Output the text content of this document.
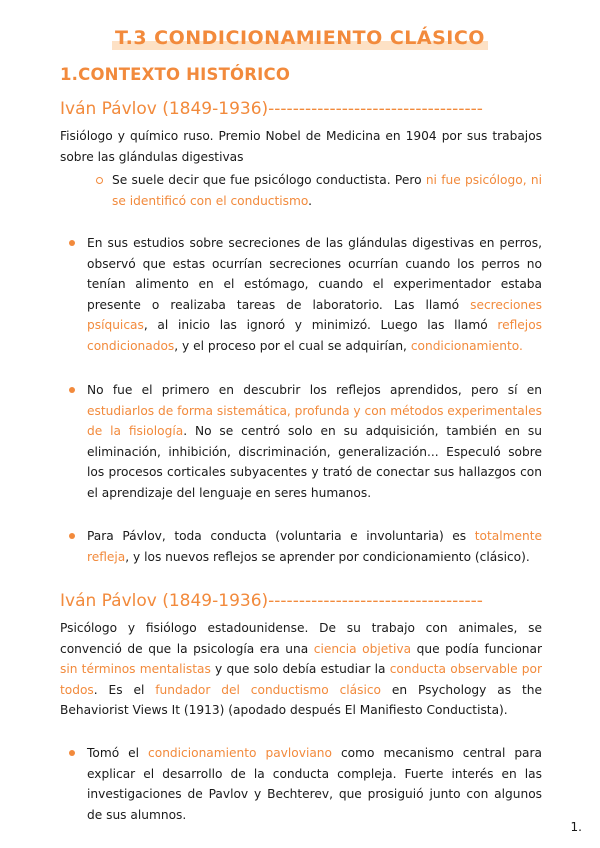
T.3 CONDICIONAMIENTO CLÁSICO
1.CONTEXTO HISTÓRICO
Iván Pávlov (1849-1936)-----------------------------------
Fisiólogo y químico ruso. Premio Nobel de Medicina en 1904 por sus trabajos sobre las glándulas digestivas
Se suele decir que fue psicólogo conductista. Pero ni fue psicólogo, ni se identificó con el conductismo.
En sus estudios sobre secreciones de las glándulas digestivas en perros, observó que estas ocurrían secreciones ocurrían cuando los perros no tenían alimento en el estómago, cuando el experimentador estaba presente o realizaba tareas de laboratorio. Las llamó secreciones psíquicas, al inicio las ignoró y minimizó. Luego las llamó reflejos condicionados, y el proceso por el cual se adquirían, condicionamiento.
No fue el primero en descubrir los reflejos aprendidos, pero sí en estudiarlos de forma sistemática, profunda y con métodos experimentales de la fisiología. No se centró solo en su adquisición, también en su eliminación, inhibición, discriminación, generalización... Especuló sobre los procesos corticales subyacentes y trató de conectar sus hallazgos con el aprendizaje del lenguaje en seres humanos.
Para Pávlov, toda conducta (voluntaria e involuntaria) es totalmente refleja, y los nuevos reflejos se aprender por condicionamiento (clásico).
Iván Pávlov (1849-1936)-----------------------------------
Psicólogo y fisiólogo estadounidense. De su trabajo con animales, se convenció de que la psicología era una ciencia objetiva que podía funcionar sin términos mentalistas y que solo debía estudiar la conducta observable por todos. Es el fundador del conductismo clásico en Psychology as the Behaviorist Views It (1913) (apodado después El Manifiesto Conductista).
Tomó el condicionamiento pavloviano como mecanismo central para explicar el desarrollo de la conducta compleja. Fuerte interés en las investigaciones de Pavlov y Bechterev, que prosiguió junto con algunos de sus alumnos.
1.
